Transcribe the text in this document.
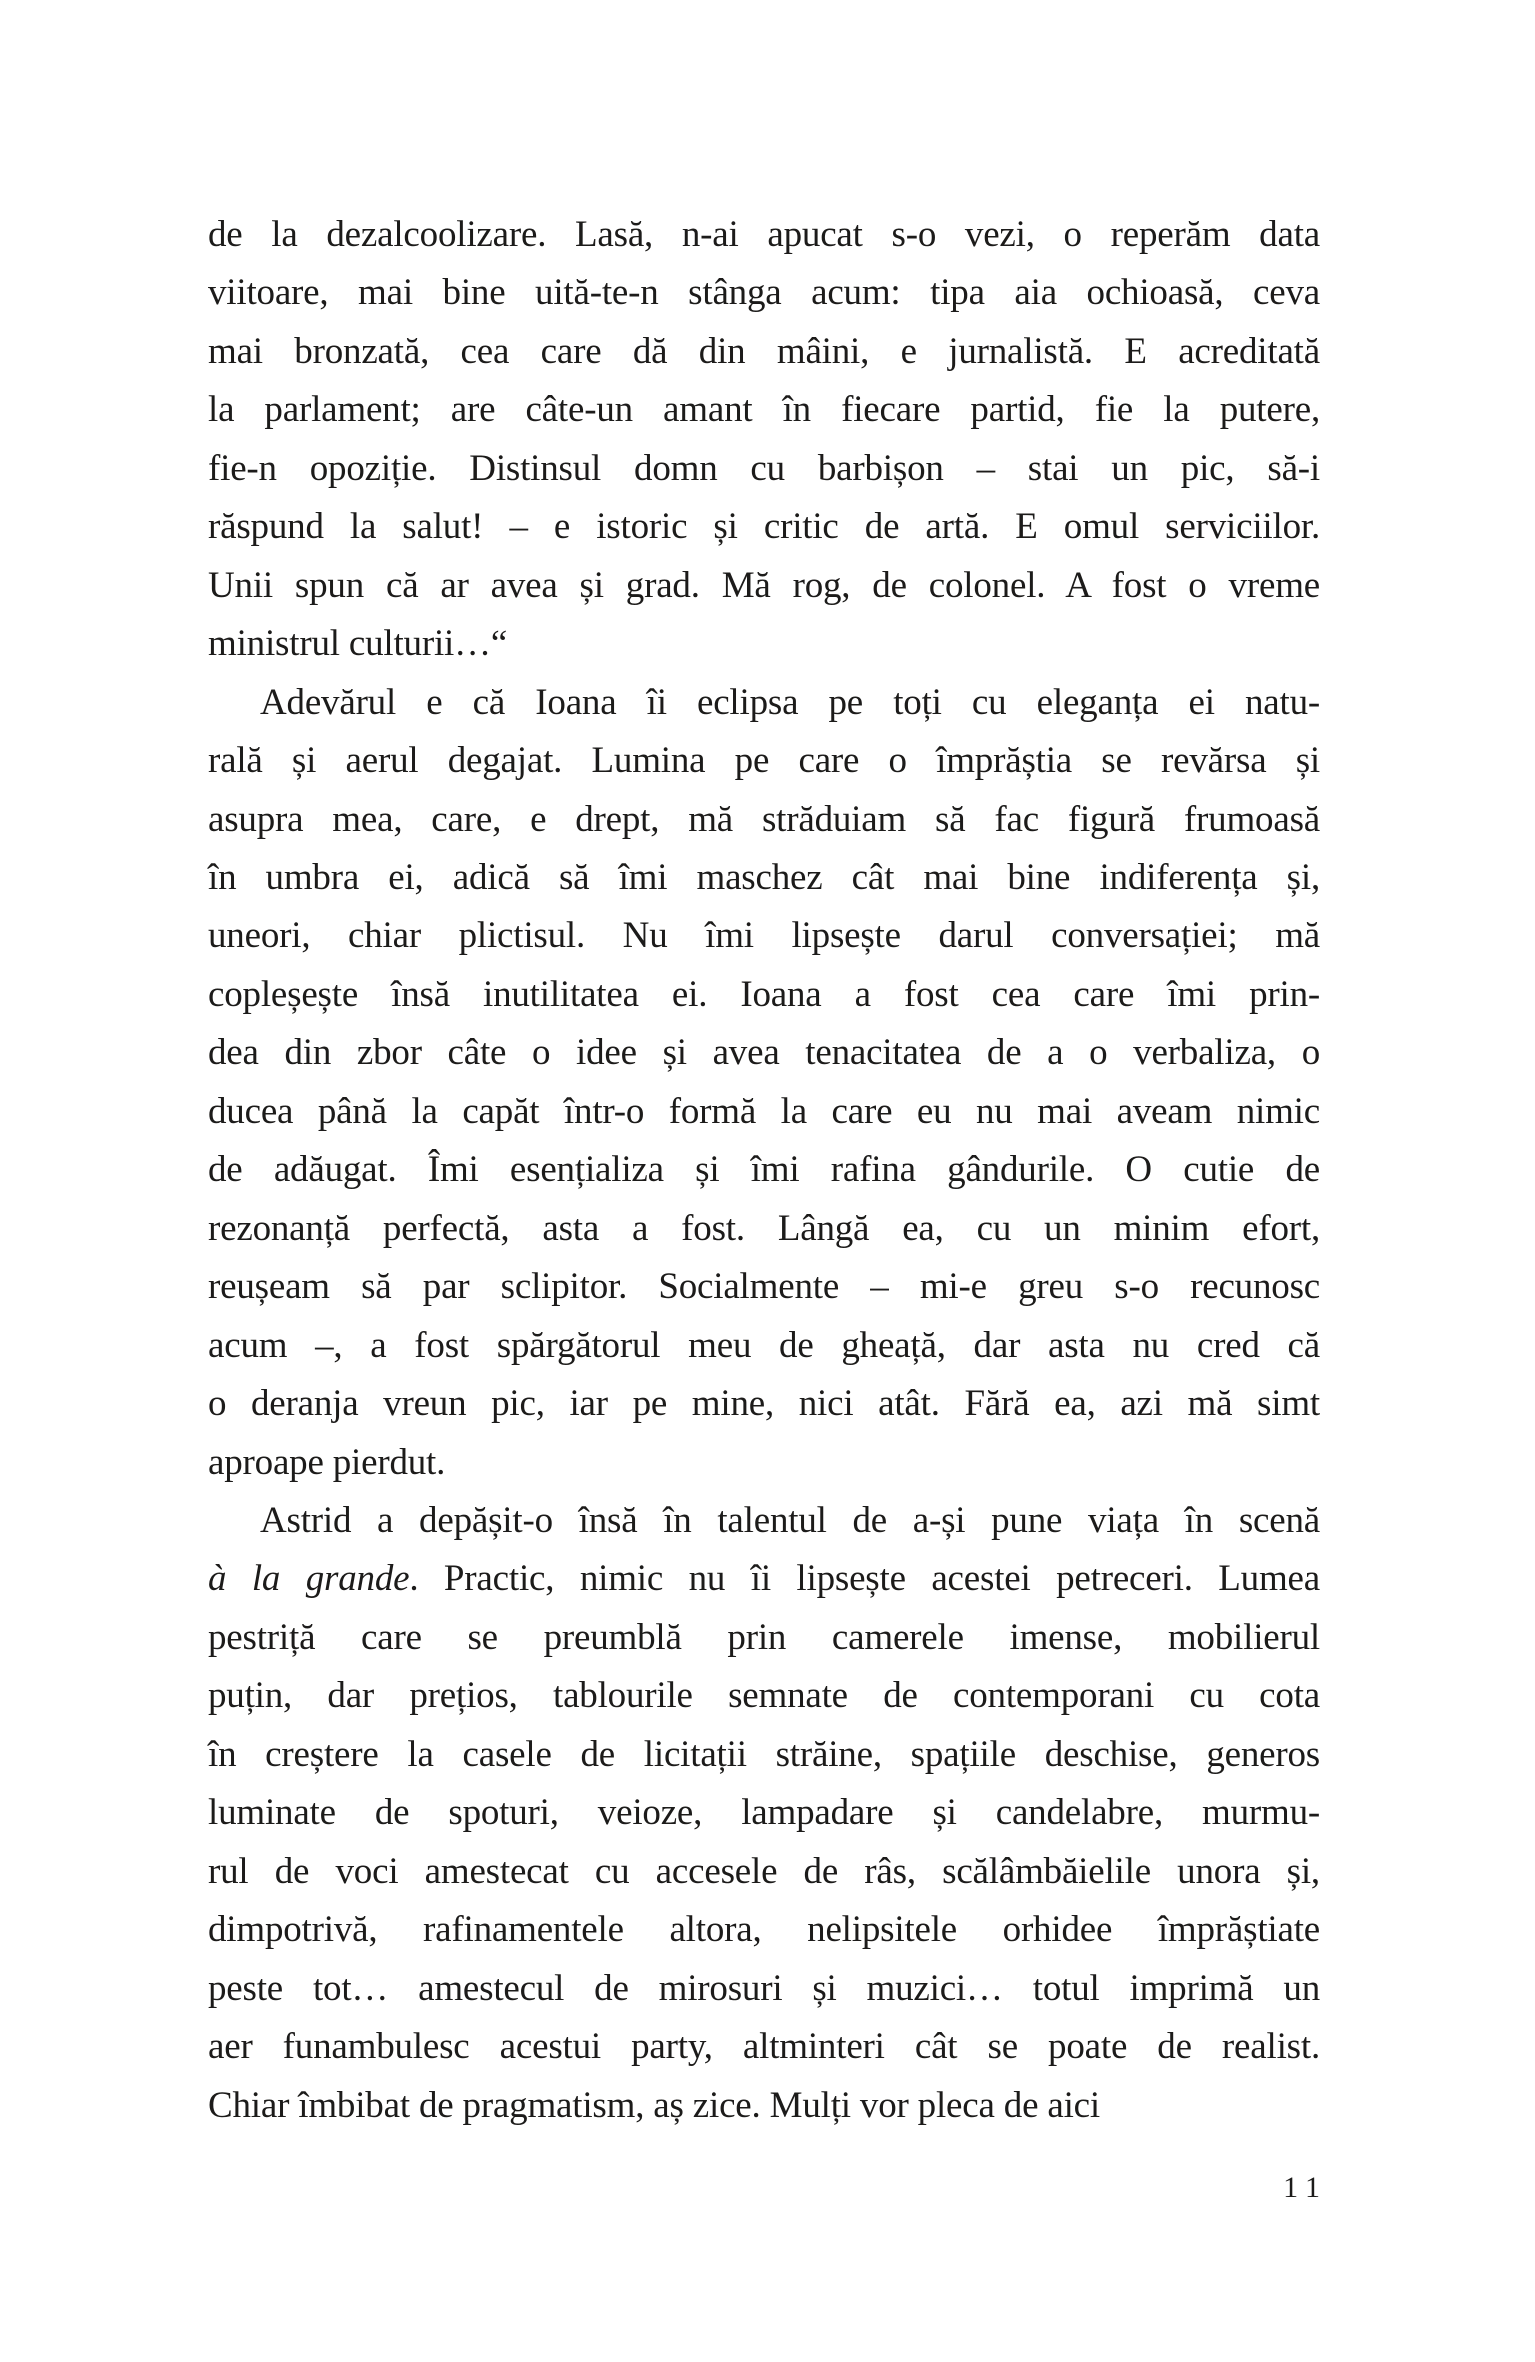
de la dezalcoolizare. Lasă, n-ai apucat s-o vezi, o reperăm data
viitoare, mai bine uită-te-n stânga acum: tipa aia ochioasă, ceva
mai bronzată, cea care dă din mâini, e jurnalistă. E acreditată
la parlament; are câte-un amant în fiecare partid, fie la putere,
fie-n opoziție. Distinsul domn cu barbișon – stai un pic, să-i
răspund la salut! – e istoric și critic de artă. E omul serviciilor.
Unii spun că ar avea și grad. Mă rog, de colonel. A fost o vreme
ministrul culturii…“
Adevărul e că Ioana îi eclipsa pe toți cu eleganța ei natu-
rală și aerul degajat. Lumina pe care o împrăștia se revărsa și
asupra mea, care, e drept, mă străduiam să fac figură frumoasă
în umbra ei, adică să îmi maschez cât mai bine indiferența și,
uneori, chiar plictisul. Nu îmi lipsește darul conversației; mă
copleșește însă inutilitatea ei. Ioana a fost cea care îmi prin-
dea din zbor câte o idee și avea tenacitatea de a o verbaliza, o
ducea până la capăt într-o formă la care eu nu mai aveam nimic
de adăugat. Îmi esențializa și îmi rafina gândurile. O cutie de
rezonanță perfectă, asta a fost. Lângă ea, cu un minim efort,
reușeam să par sclipitor. Socialmente – mi-e greu s-o recunosc
acum –, a fost spărgătorul meu de gheață, dar asta nu cred că
o deranja vreun pic, iar pe mine, nici atât. Fără ea, azi mă simt
aproape pierdut.
Astrid a depășit-o însă în talentul de a-și pune viața în scenă
à la grande. Practic, nimic nu îi lipsește acestei petreceri. Lumea
pestriță care se preumblă prin camerele imense, mobilierul
puțin, dar prețios, tablourile semnate de contemporani cu cota
în creștere la casele de licitații străine, spațiile deschise, generos
luminate de spoturi, veioze, lampadare și candelabre, murmu-
rul de voci amestecat cu accesele de râs, scălâmbăielile unora și,
dimpotrivă, rafinamentele altora, nelipsitele orhidee împrăștiate
peste tot… amestecul de mirosuri și muzici… totul imprimă un
aer funambulesc acestui party, altminteri cât se poate de realist.
Chiar îmbibat de pragmatism, aș zice. Mulți vor pleca de aici
11
